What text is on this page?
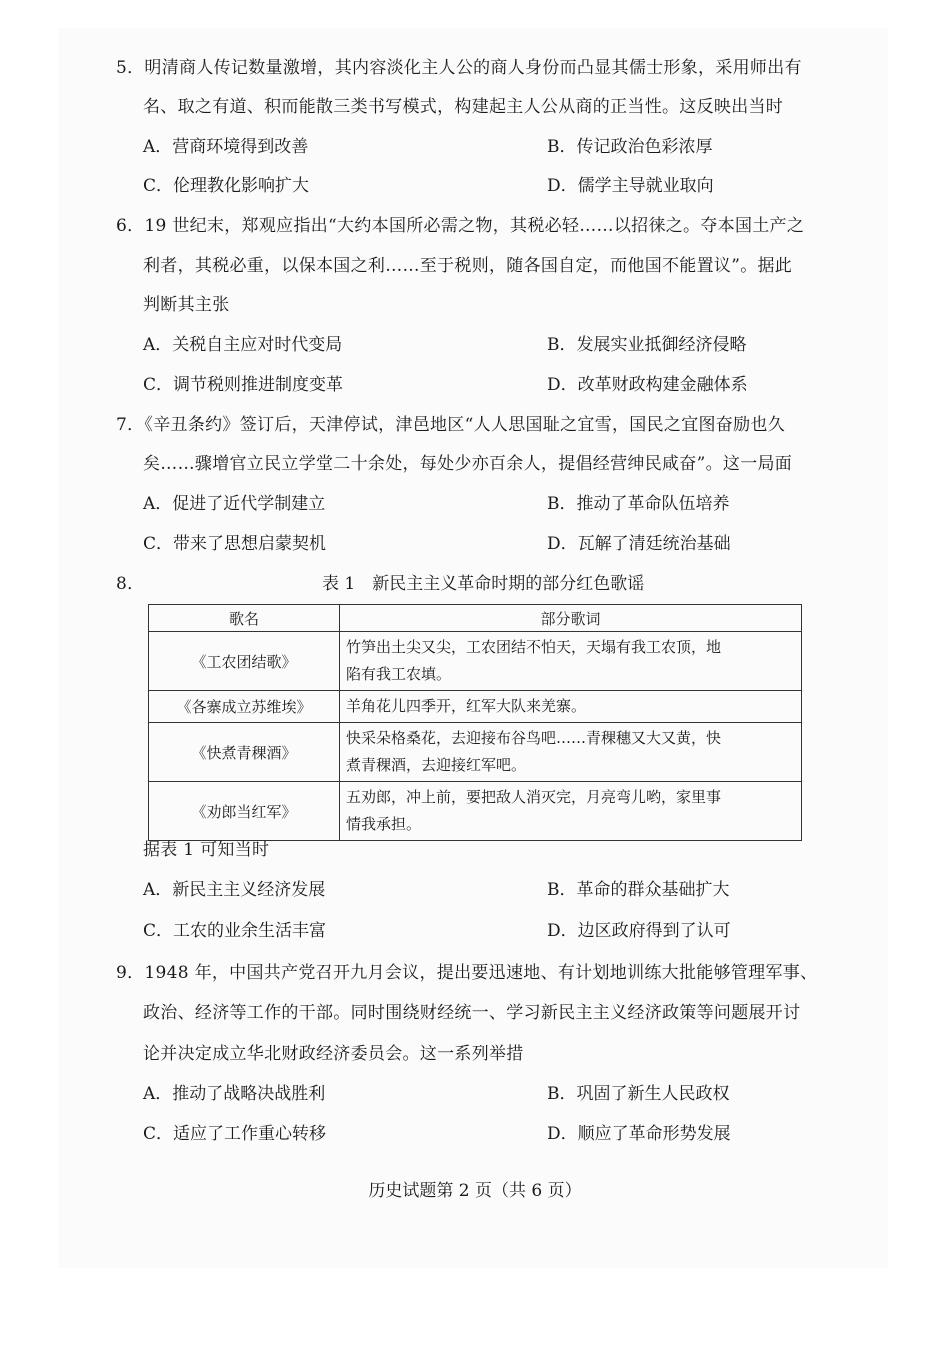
5．明清商人传记数量激增，其内容淡化主人公的商人身份而凸显其儒士形象，采用师出有
名、取之有道、积而能散三类书写模式，构建起主人公从商的正当性。这反映出当时
A．营商环境得到改善	B．传记政治色彩浓厚
C．伦理教化影响扩大	D．儒学主导就业取向
6．19 世纪末，郑观应指出“大约本国所必需之物，其税必轻……以招徕之。夺本国土产之
利者，其税必重，以保本国之利……至于税则，随各国自定，而他国不能置议”。据此
判断其主张
A．关税自主应对时代变局	B．发展实业抵御经济侵略
C．调节税则推进制度变革	D．改革财政构建金融体系
7．《辛丑条约》签订后，天津停试，津邑地区“人人思国耻之宜雪，国民之宜图奋励也久
矣……骤增官立民立学堂二十余处，每处少亦百余人，提倡经营绅民咸奋”。这一局面
A．促进了近代学制建立	B．推动了革命队伍培养
C．带来了思想启蒙契机	D．瓦解了清廷统治基础
8．	表 1　新民主主义革命时期的部分红色歌谣
歌名	部分歌词
《工农团结歌》	竹笋出土尖又尖，工农团结不怕天，天塌有我工农顶，地
陷有我工农填。

《各寨成立苏维埃》	羊角花儿四季开，红军大队来羌寨。

《快煮青稞酒》	快采朵格桑花，去迎接布谷鸟吧……青稞穗又大又黄，快
煮青稞酒，去迎接红军吧。

《劝郎当红军》	五劝郎，冲上前，要把敌人消灭完，月亮弯儿哟，家里事
情我承担。
据表 1 可知当时
A．新民主主义经济发展	B．革命的群众基础扩大
C．工农的业余生活丰富	D．边区政府得到了认可
9．1948 年，中国共产党召开九月会议，提出要迅速地、有计划地训练大批能够管理军事、
政治、经济等工作的干部。同时围绕财经统一、学习新民主主义经济政策等问题展开讨
论并决定成立华北财政经济委员会。这一系列举措
A．推动了战略决战胜利	B．巩固了新生人民政权
C．适应了工作重心转移	D．顺应了革命形势发展
历史试题第 2 页（共 6 页）
